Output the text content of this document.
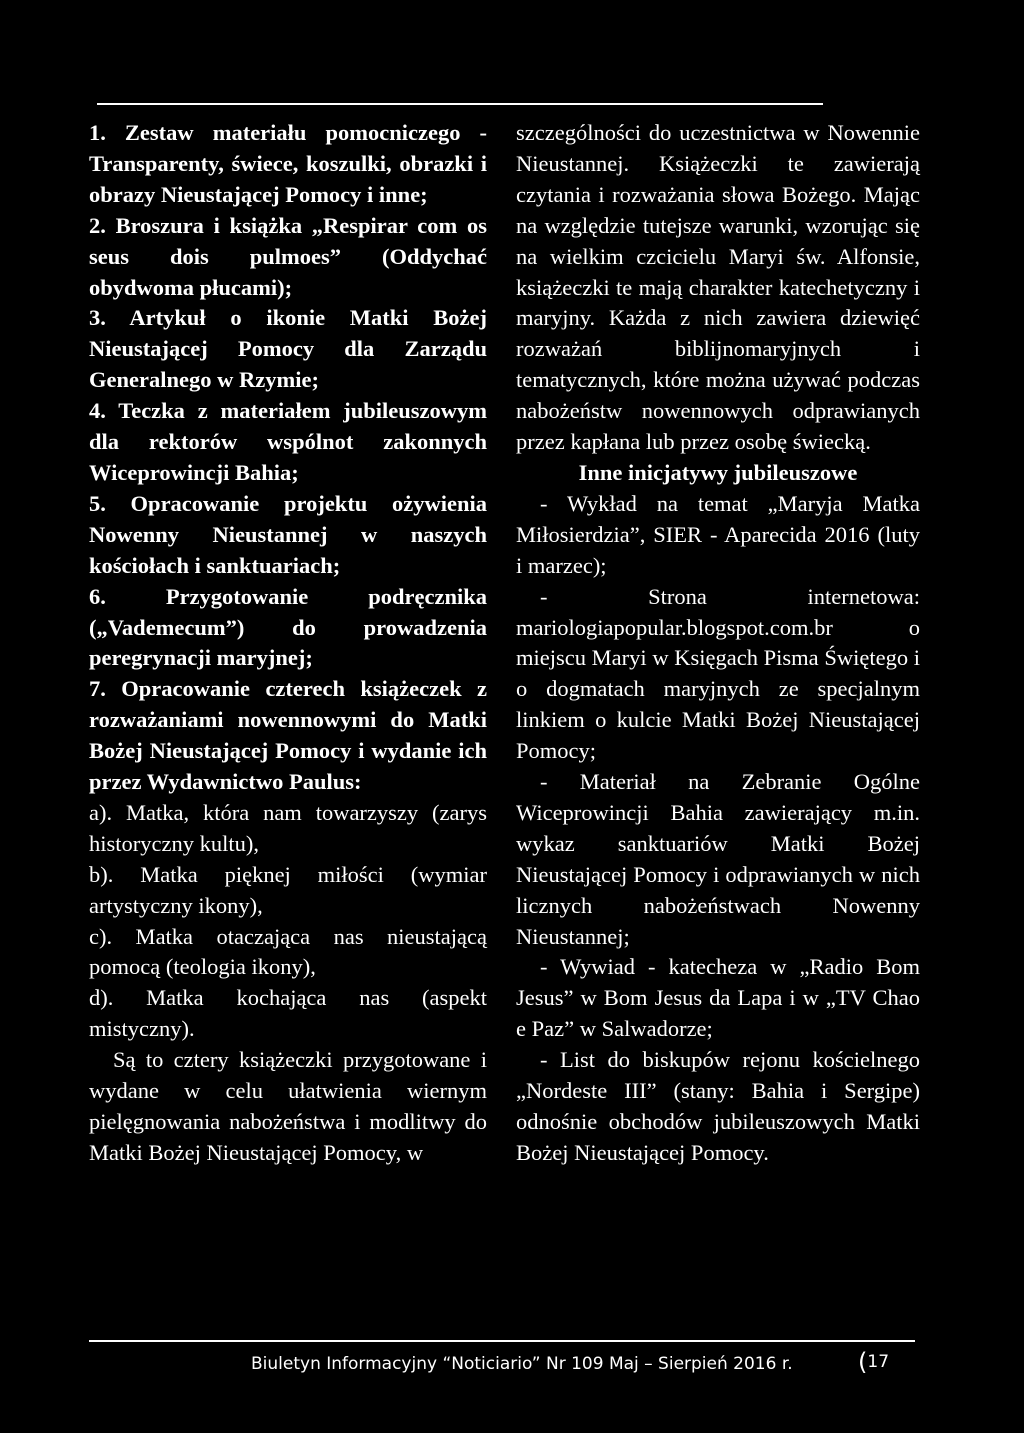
1. Zestaw materiału pomocniczego - Transparenty, świece, koszulki, obrazki i obrazy Nieustającej Pomocy i inne;

2. Broszura i książka „Respirar com os seus dois pulmoes” (Oddychać obydwoma płucami);

3. Artykuł o ikonie Matki Bożej Nieustającej Pomocy dla Zarządu Generalnego w Rzymie;

4. Teczka z materiałem jubileuszowym dla rektorów wspólnot zakonnych Wiceprowincji Bahia;

5. Opracowanie projektu ożywienia Nowenny Nieustannej w naszych kościołach i sanktuariach;

6. Przygotowanie podręcznika („Vademecum”) do prowadzenia peregrynacji maryjnej;

7. Opracowanie czterech książeczek z rozważaniami nowennowymi do Matki Bożej Nieustającej Pomocy i wydanie ich przez Wydawnictwo Paulus:

a). Matka, która nam towarzyszy (zarys historyczny kultu),

b). Matka pięknej miłości (wymiar artystyczny ikony),

c). Matka otaczająca nas nieustającą pomocą (teologia ikony),

d). Matka kochająca nas (aspekt mistyczny).

Są to cztery książeczki przygotowane i wydane w celu ułatwienia wiernym pielęgnowania nabożeństwa i modlitwy do Matki Bożej Nieustającej Pomocy, w

szczególności do uczestnictwa w Nowennie Nieustannej. Książeczki te zawierają czytania i rozważania słowa Bożego. Mając na względzie tutejsze warunki, wzorując się na wielkim czcicielu Maryi św. Alfonsie, książeczki te mają charakter katechetyczny i maryjny. Każda z nich zawiera dziewięć rozważań biblijnomaryjnych i tematycznych, które można używać podczas nabożeństw nowennowych odprawianych przez kapłana lub przez osobę świecką.

Inne inicjatywy jubileuszowe

- Wykład na temat „Maryja Matka Miłosierdzia”, SIER - Aparecida 2016 (luty i marzec);

- Strona internetowa: mariologiapopular.blogspot.com.br o miejscu Maryi w Księgach Pisma Świętego i o dogmatach maryjnych ze specjalnym linkiem o kulcie Matki Bożej Nieustającej Pomocy;

- Materiał na Zebranie Ogólne Wiceprowincji Bahia zawierający m.in. wykaz sanktuariów Matki Bożej Nieustającej Pomocy i odprawianych w nich licznych nabożeństwach Nowenny Nieustannej;

- Wywiad - katecheza w „Radio Bom Jesus” w Bom Jesus da Lapa i w „TV Chao e Paz” w Salwadorze;

- List do biskupów rejonu kościelnego „Nordeste III” (stany: Bahia i Sergipe) odnośnie obchodów jubileuszowych Matki Bożej Nieustającej Pomocy.

Biuletyn Informacyjny “Noticiario” Nr 109 Maj – Sierpień 2016 r.	(17
